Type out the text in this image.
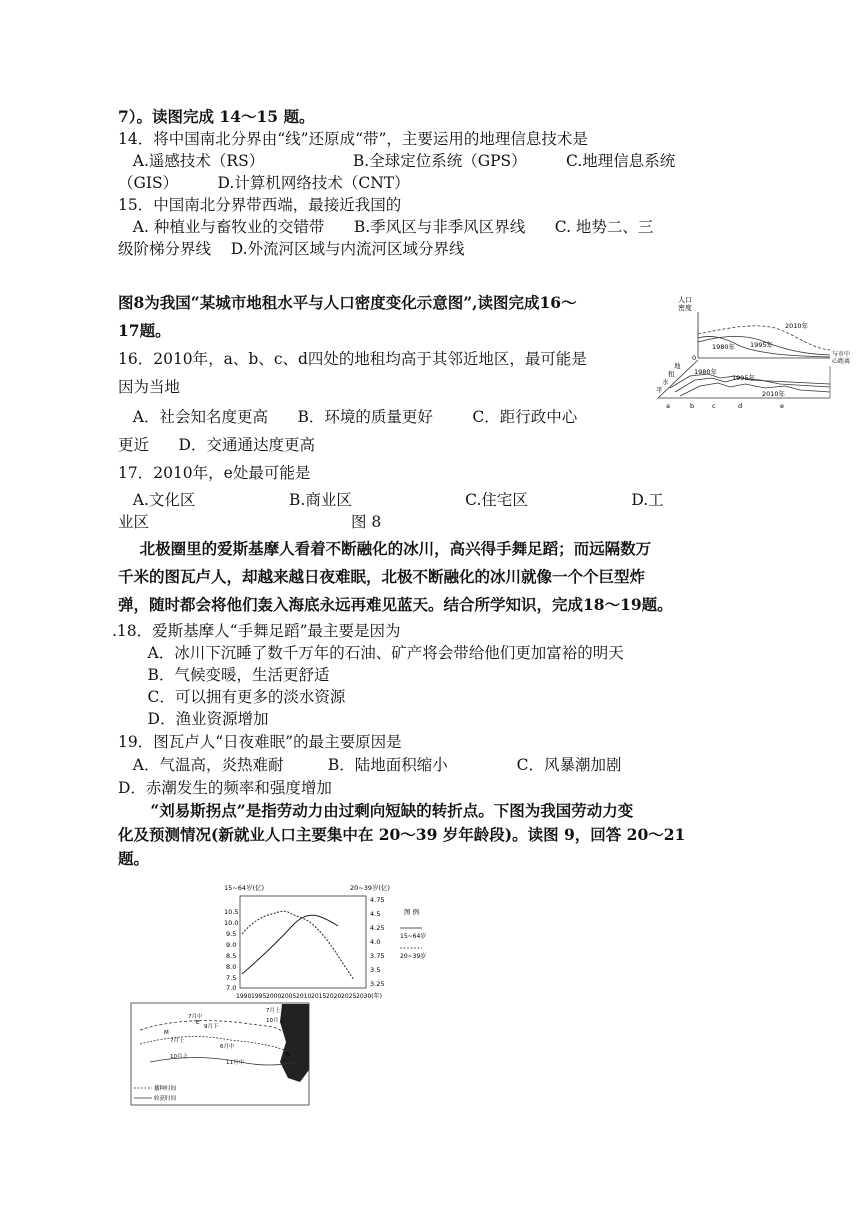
7）。读图完成 14～15 题。
14．将中国南北分界由“线”还原成“带”，主要运用的地理信息技术是
A.遥感技术（RS）                  B.全球定位系统（GPS）        C.地理信息系统
（GIS）        D.计算机网络技术（CNT）
15．中国南北分界带西端，最接近我国的
A. 种植业与畜牧业的交错带      B.季风区与非季风区界线      C. 地势二、三
级阶梯分界线    D.外流河区域与内流河区域分界线
图8为我国“某城市地租水平与人口密度变化示意图”,读图完成16～
17题。
16．2010年，a、b、c、d四处的地租均高于其邻近地区，最可能是
因为当地
A．社会知名度更高      B．环境的质量更好        C．距行政中心
更近      D．交通通达度更高
17．2010年，e处最可能是
A.文化区                   B.商业区                       C.住宅区                     D.工
业区                                         图 8
北极圈里的爱斯基摩人看着不断融化的冰川，高兴得手舞足蹈；而远隔数万
千米的图瓦卢人，却越来越日夜难眠，北极不断融化的冰川就像一个个巨型炸
弹，随时都会将他们轰入海底永远再难见蓝天。结合所学知识，完成18～19题。
.18．爱斯基摩人“手舞足蹈”最主要是因为
A．冰川下沉睡了数千万年的石油、矿产将会带给他们更加富裕的明天
B．气候变暖，生活更舒适
C．可以拥有更多的淡水资源
D．渔业资源增加
19．图瓦卢人“日夜难眠”的最主要原因是
A．气温高，炎热难耐         B．陆地面积缩小              C．风暴潮加剧
D．赤潮发生的频率和强度增加
“刘易斯拐点”是指劳动力由过剩向短缺的转折点。下图为我国劳动力变
化及预测情况(新就业人口主要集中在 20～39 岁年龄段)。读图 9，回答 20～21
题。
人口
密度
2010年
1995年
1980年
0	与市中
心距离
地
租
水
平
1980年
1995年
2010年
a	b	c	d	e
15~64岁(亿)	20~39岁(亿)
10.5
10.0
9.5
9.0
8.5
8.0
7.5
7.0
4.75
4.5
4.25
4.0
3.75
3.5
3.25
1990 1995 2000 2005 2010 2015 2020 2025 2030(年)
图 例
15~64岁
20~39岁
7月中
7月上
10月上
9月下
7月上
6月中
10月上
11月中
M
E
N
播种时间
收获时间
